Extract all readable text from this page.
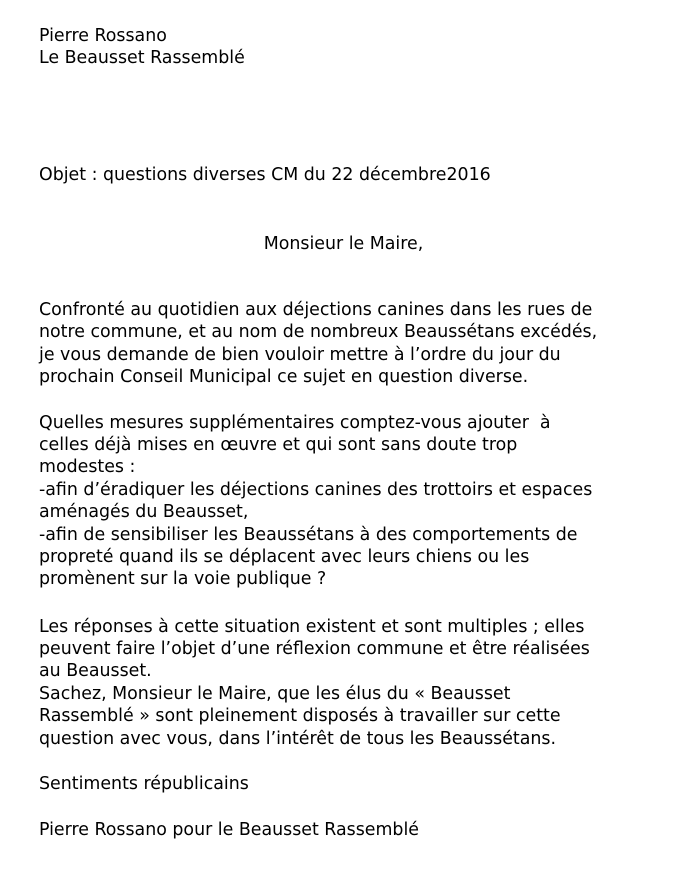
Pierre Rossano
Le Beausset Rassemblé
Objet : questions diverses CM du 22 décembre2016
Monsieur le Maire,
Confronté au quotidien aux déjections canines dans les rues de
notre commune, et au nom de nombreux Beaussétans excédés,
je vous demande de bien vouloir mettre à l’ordre du jour du
prochain Conseil Municipal ce sujet en question diverse.
Quelles mesures supplémentaires comptez-vous ajouter  à
celles déjà mises en œuvre et qui sont sans doute trop
modestes :
-afin d’éradiquer les déjections canines des trottoirs et espaces
aménagés du Beausset,
-afin de sensibiliser les Beaussétans à des comportements de
propreté quand ils se déplacent avec leurs chiens ou les
promènent sur la voie publique ?
Les réponses à cette situation existent et sont multiples ; elles
peuvent faire l’objet d’une réflexion commune et être réalisées
au Beausset.
Sachez, Monsieur le Maire, que les élus du « Beausset
Rassemblé » sont pleinement disposés à travailler sur cette
question avec vous, dans l’intérêt de tous les Beaussétans.
Sentiments républicains
Pierre Rossano pour le Beausset Rassemblé
